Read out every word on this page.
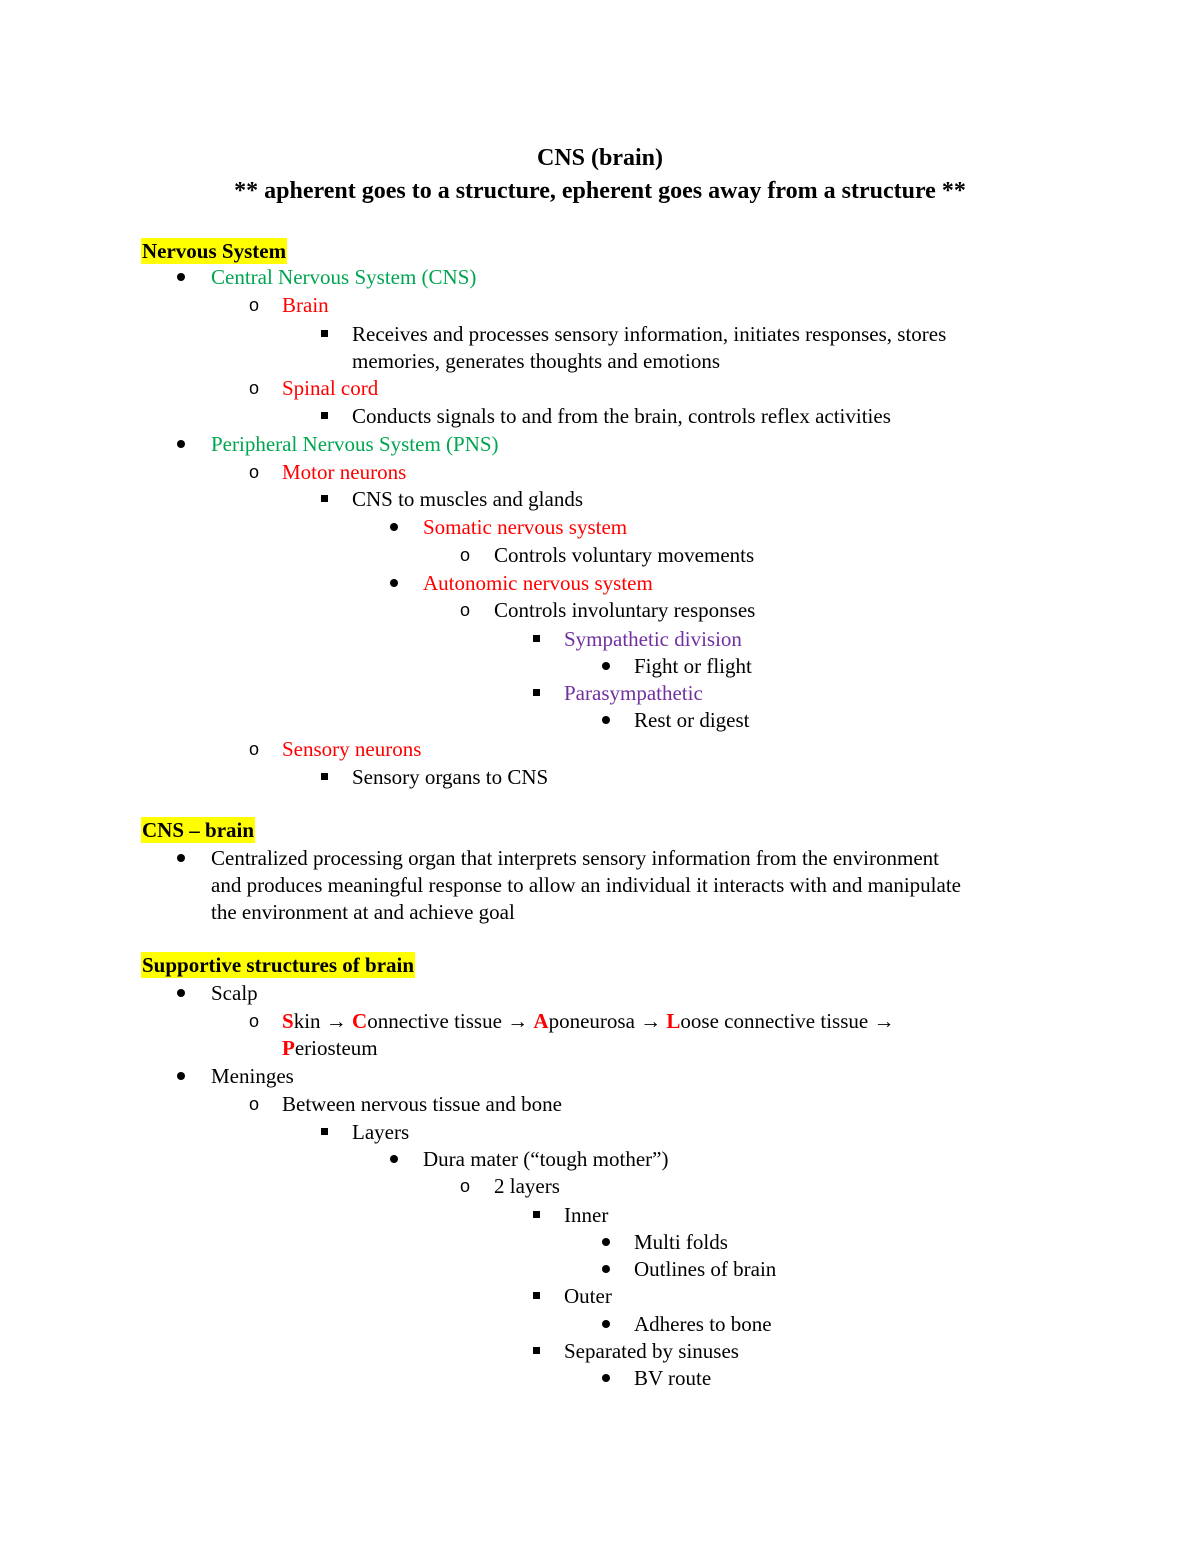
CNS (brain)
** apherent goes to a structure, epherent goes away from a structure **
Nervous System
Central Nervous System (CNS)
o Brain
Receives and processes sensory information, initiates responses, stores
memories, generates thoughts and emotions
o Spinal cord
Conducts signals to and from the brain, controls reflex activities
Peripheral Nervous System (PNS)
o Motor neurons
CNS to muscles and glands
Somatic nervous system
o Controls voluntary movements
Autonomic nervous system
o Controls involuntary responses
Sympathetic division
Fight or flight
Parasympathetic
Rest or digest
o Sensory neurons
Sensory organs to CNS
CNS – brain
Centralized processing organ that interprets sensory information from the environment
and produces meaningful response to allow an individual it interacts with and manipulate
the environment at and achieve goal
Supportive structures of brain
Scalp
o Skin → Connective tissue → Aponeurosa → Loose connective tissue →
Periosteum
Meninges
o Between nervous tissue and bone
Layers
Dura mater (“tough mother”)
o 2 layers
Inner
Multi folds
Outlines of brain
Outer
Adheres to bone
Separated by sinuses
BV route
